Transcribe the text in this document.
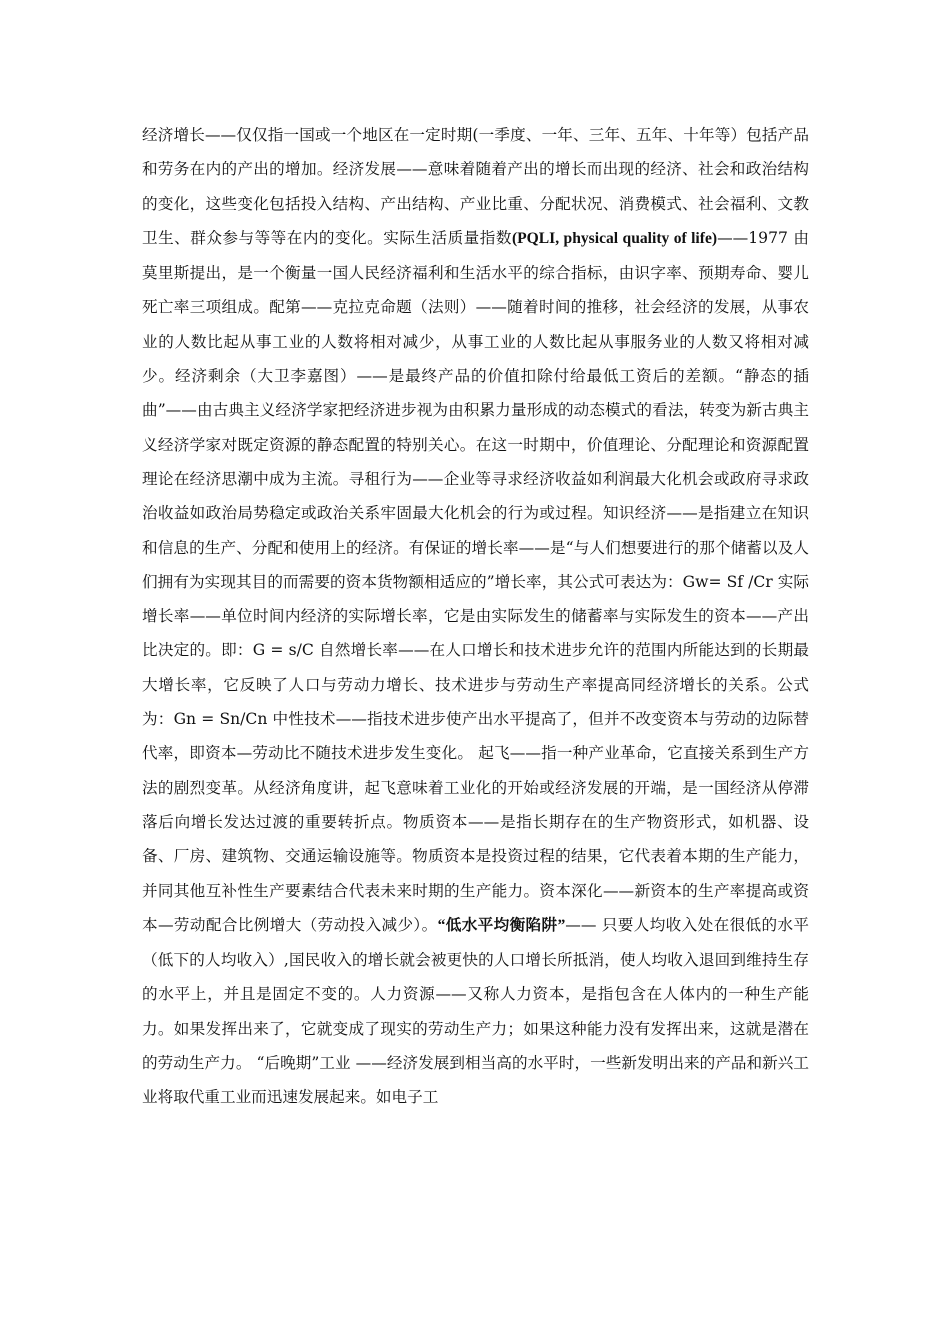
经济增长——仅仅指一国或一个地区在一定时期(一季度、一年、三年、五年、十年等）包括产品和劳务在内的产出的增加。经济发展——意味着随着产出的增长而出现的经济、社会和政治结构的变化，这些变化包括投入结构、产出结构、产业比重、分配状况、消费模式、社会福利、文教卫生、群众参与等等在内的变化。实际生活质量指数(PQLI, physical quality of life)——1977 由莫里斯提出，是一个衡量一国人民经济福利和生活水平的综合指标，由识字率、预期寿命、婴儿死亡率三项组成。配第——克拉克命题（法则）——随着时间的推移，社会经济的发展，从事农业的人数比起从事工业的人数将相对减少，从事工业的人数比起从事服务业的人数又将相对减少。经济剩余（大卫李嘉图）——是最终产品的价值扣除付给最低工资后的差额。“静态的插曲”——由古典主义经济学家把经济进步视为由积累力量形成的动态模式的看法，转变为新古典主义经济学家对既定资源的静态配置的特别关心。在这一时期中，价值理论、分配理论和资源配置理论在经济思潮中成为主流。寻租行为——企业等寻求经济收益如利润最大化机会或政府寻求政治收益如政治局势稳定或政治关系牢固最大化机会的行为或过程。知识经济——是指建立在知识和信息的生产、分配和使用上的经济。有保证的增长率——是“与人们想要进行的那个储蓄以及人们拥有为实现其目的而需要的资本货物额相适应的”增长率，其公式可表达为：Gw= Sf /Cr 实际增长率——单位时间内经济的实际增长率，它是由实际发生的储蓄率与实际发生的资本——产出比决定的。即：G = s/C 自然增长率——在人口增长和技术进步允许的范围内所能达到的长期最大增长率，它反映了人口与劳动力增长、技术进步与劳动生产率提高同经济增长的关系。公式为：Gn = Sn/Cn 中性技术——指技术进步使产出水平提高了，但并不改变资本与劳动的边际替代率，即资本—劳动比不随技术进步发生变化。 起飞——指一种产业革命，它直接关系到生产方法的剧烈变革。从经济角度讲，起飞意味着工业化的开始或经济发展的开端，是一国经济从停滞落后向增长发达过渡的重要转折点。物质资本——是指长期存在的生产物资形式，如机器、设备、厂房、建筑物、交通运输设施等。物质资本是投资过程的结果，它代表着本期的生产能力，并同其他互补性生产要素结合代表未来时期的生产能力。资本深化——新资本的生产率提高或资本—劳动配合比例增大（劳动投入减少）。“低水平均衡陷阱”—— 只要人均收入处在很低的水平（低下的人均收入）,国民收入的增长就会被更快的人口增长所抵消，使人均收入退回到维持生存的水平上，并且是固定不变的。人力资源——又称人力资本，是指包含在人体内的一种生产能力。如果发挥出来了，它就变成了现实的劳动生产力；如果这种能力没有发挥出来，这就是潜在的劳动生产力。 “后晚期”工业 ——经济发展到相当高的水平时，一些新发明出来的产品和新兴工业将取代重工业而迅速发展起来。如电子工
